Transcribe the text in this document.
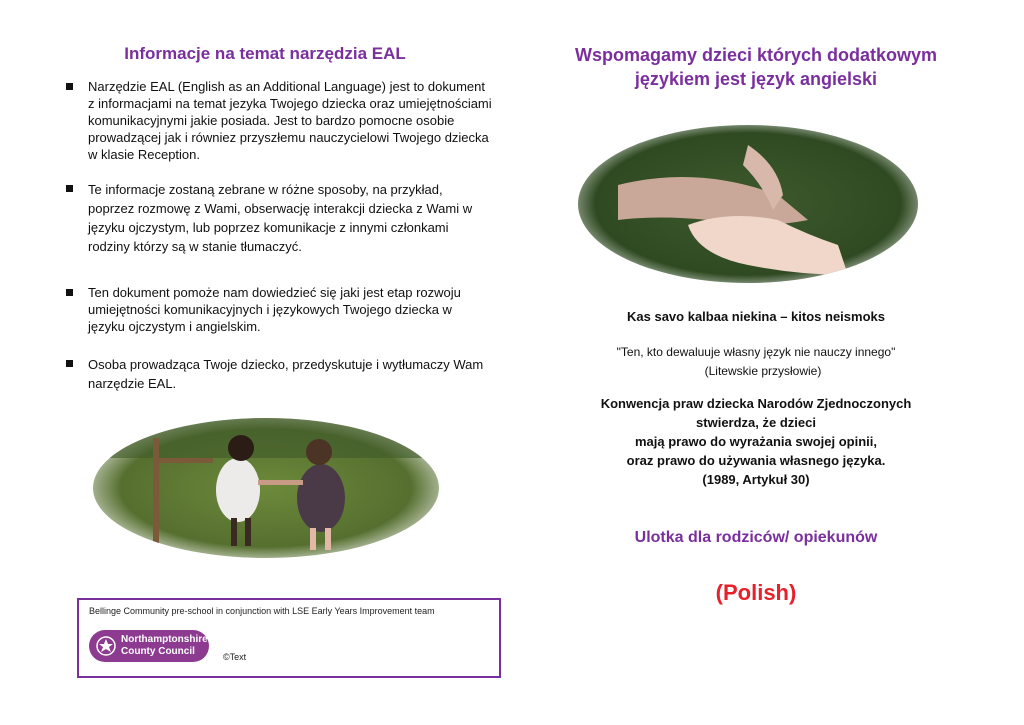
Informacje na temat narzędzia EAL
Narzędzie EAL (English as an Additional Language) jest to dokument z informacjami na temat jezyka Twojego dziecka oraz umiejętnościami komunikacyjnymi jakie posiada. Jest to bardzo pomocne osobie prowadzącej jak i równiez przyszłemu nauczycielowi Twojego dziecka w klasie Reception.
Te informacje zostaną zebrane w różne sposoby, na przykład, poprzez rozmowę z Wami, obserwację interakcji dziecka z Wami w języku ojczystym, lub poprzez komunikacje z innymi członkami rodziny którzy są w stanie tłumaczyć.
Ten dokument pomoże nam dowiedzieć się jaki jest etap rozwoju umiejętności komunikacyjnych i językowych Twojego dziecka w języku ojczystym i angielskim.
Osoba prowadząca Twoje dziecko, przedyskutuje i wytłumaczy Wam narzędzie EAL.
Bellinge Community pre-school in conjunction with LSE Early Years Improvement team
Northamptonshire
County Council	©Text
Wspomagamy dzieci których dodatkowym
językiem jest język angielski
Kas savo kalbaa niekina – kitos neismoks
"Ten, kto dewaluuje własny język nie nauczy innego"
(Litewskie przysłowie)
Konwencja praw dziecka Narodów Zjednoczonych
stwierdza, że dzieci
mają prawo do wyrażania swojej opinii,
oraz prawo do używania własnego języka.
(1989, Artykuł 30)
Ulotka dla rodziców/ opiekunów
(Polish)
